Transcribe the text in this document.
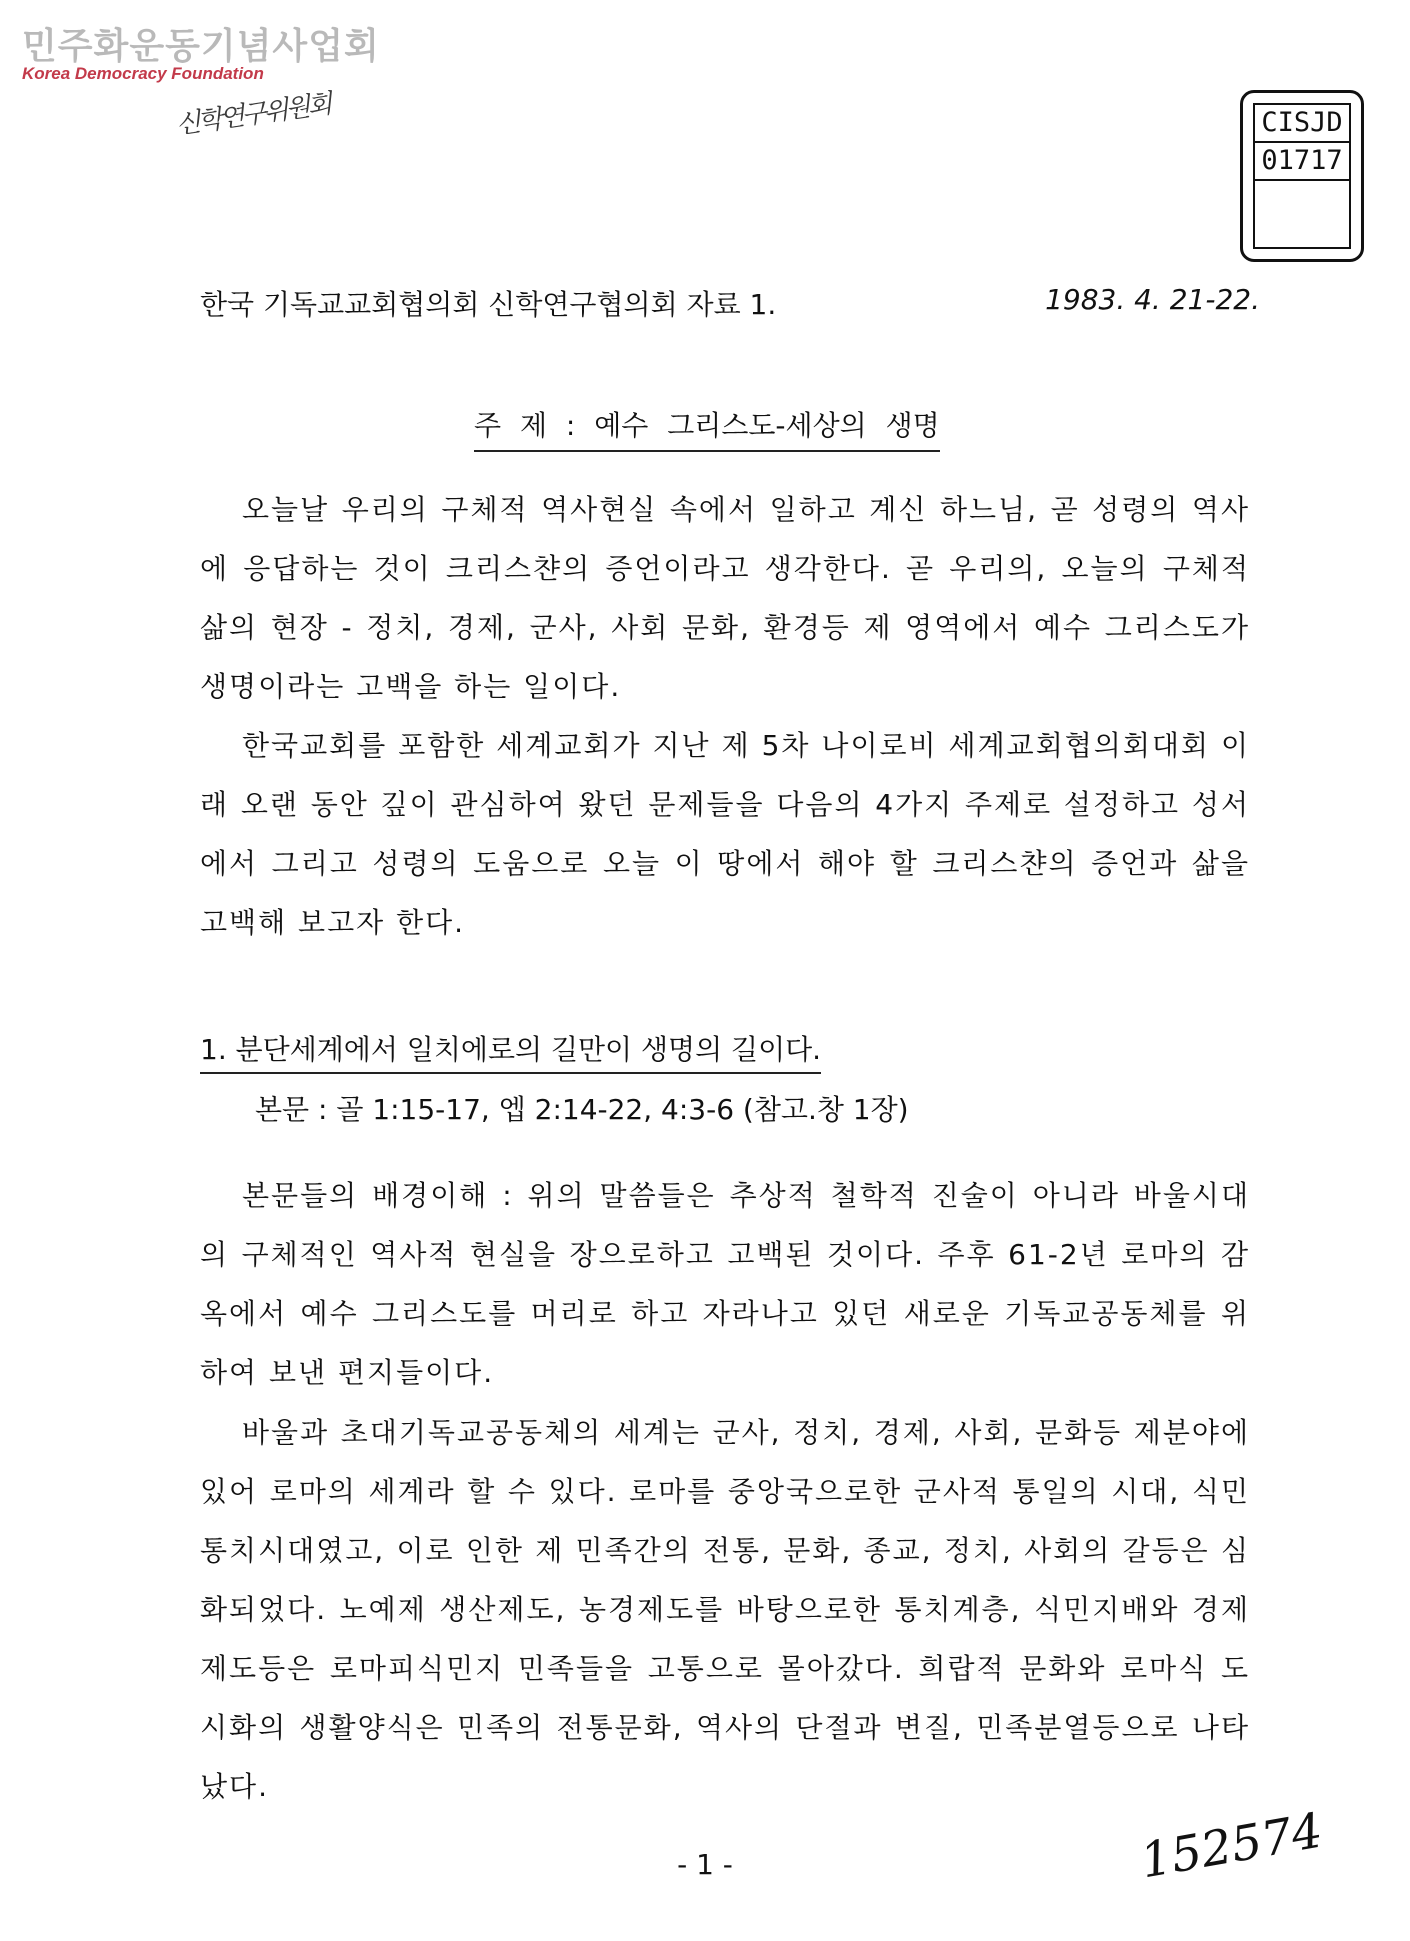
민주화운동기념사업회
Korea Democracy Foundation
신학연구위원회	CISJD
01717
한국 기독교교회협의회 신학연구협의회 자료 1.	1983. 4. 21-22.
주 제 : 예수 그리스도-세상의 생명

오늘날 우리의 구체적 역사현실 속에서 일하고 계신 하느님, 곧 성령의 역사에 응답하는 것이 크리스챤의 증언이라고 생각한다. 곧 우리의, 오늘의 구체적 삶의 현장 - 정치, 경제, 군사, 사회 문화, 환경등 제 영역에서 예수 그리스도가 생명이라는 고백을 하는 일이다.

한국교회를 포함한 세계교회가 지난 제 5차 나이로비 세계교회협의회대회 이래 오랜 동안 깊이 관심하여 왔던 문제들을 다음의 4가지 주제로 설정하고 성서에서 그리고 성령의 도움으로 오늘 이 땅에서 해야 할 크리스챤의 증언과 삶을 고백해 보고자 한다.

1. 분단세계에서 일치에로의 길만이 생명의 길이다.
본문 : 골 1:15-17, 엡 2:14-22, 4:3-6 (참고.창 1장)

본문들의 배경이해 : 위의 말씀들은 추상적 철학적 진술이 아니라 바울시대의 구체적인 역사적 현실을 장으로하고 고백된 것이다. 주후 61-2년 로마의 감옥에서 예수 그리스도를 머리로 하고 자라나고 있던 새로운 기독교공동체를 위하여 보낸 편지들이다.

바울과 초대기독교공동체의 세계는 군사, 정치, 경제, 사회, 문화등 제분야에 있어 로마의 세계라 할 수 있다. 로마를 중앙국으로한 군사적 통일의 시대, 식민통치시대였고, 이로 인한 제 민족간의 전통, 문화, 종교, 정치, 사회의 갈등은 심화되었다. 노예제 생산제도, 농경제도를 바탕으로한 통치계층, 식민지배와 경제제도등은 로마피식민지 민족들을 고통으로 몰아갔다. 희랍적 문화와 로마식 도시화의 생활양식은 민족의 전통문화, 역사의 단절과 변질, 민족분열등으로 나타났다.

- 1 -	152574
